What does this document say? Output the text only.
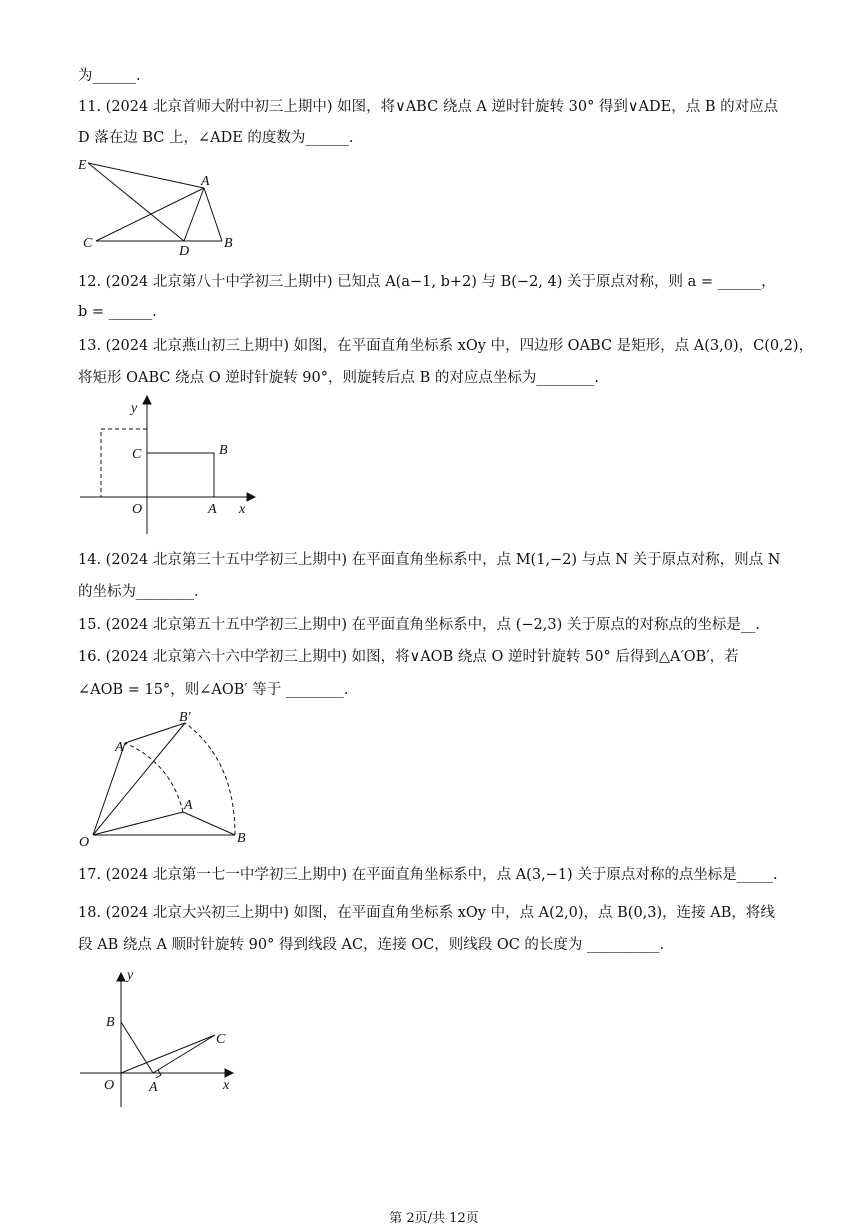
为______.
11. (2024 北京首师大附中初三上期中) 如图，将∨ABC 绕点 A 逆时针旋转 30° 得到∨ADE，点 B 的对应点
D 落在边 BC 上，∠ADE 的度数为______.
E
A
C
D
B
12. (2024 北京第八十中学初三上期中) 已知点 A(a−1, b+2) 与 B(−2, 4) 关于原点对称，则 a = ______，
b = ______.
13. (2024 北京燕山初三上期中) 如图，在平面直角坐标系 xOy 中，四边形 OABC 是矩形，点 A(3,0)，C(0,2)，
将矩形 OABC 绕点 O 逆时针旋转 90°，则旋转后点 B 的对应点坐标为________.
y
C	B
O	A x
14. (2024 北京第三十五中学初三上期中) 在平面直角坐标系中，点 M(1,−2) 与点 N 关于原点对称，则点 N
的坐标为________.
15. (2024 北京第五十五中学初三上期中) 在平面直角坐标系中，点 (−2,3) 关于原点的对称点的坐标是__.
16. (2024 北京第六十六中学初三上期中) 如图，将∨AOB 绕点 O 逆时针旋转 50° 后得到△A′OB′，若
∠AOB = 15°，则∠AOB′ 等于 ________.
B′
A′
A
O	B
17. (2024 北京第一七一中学初三上期中) 在平面直角坐标系中，点 A(3,−1) 关于原点对称的点坐标是_____.
18. (2024 北京大兴初三上期中) 如图，在平面直角坐标系 xOy 中，点 A(2,0)，点 B(0,3)，连接 AB，将线
段 AB 绕点 A 顺时针旋转 90° 得到线段 AC，连接 OC，则线段 OC 的长度为 __________.
y
B
C
O A	x
第 2页/共 12页
